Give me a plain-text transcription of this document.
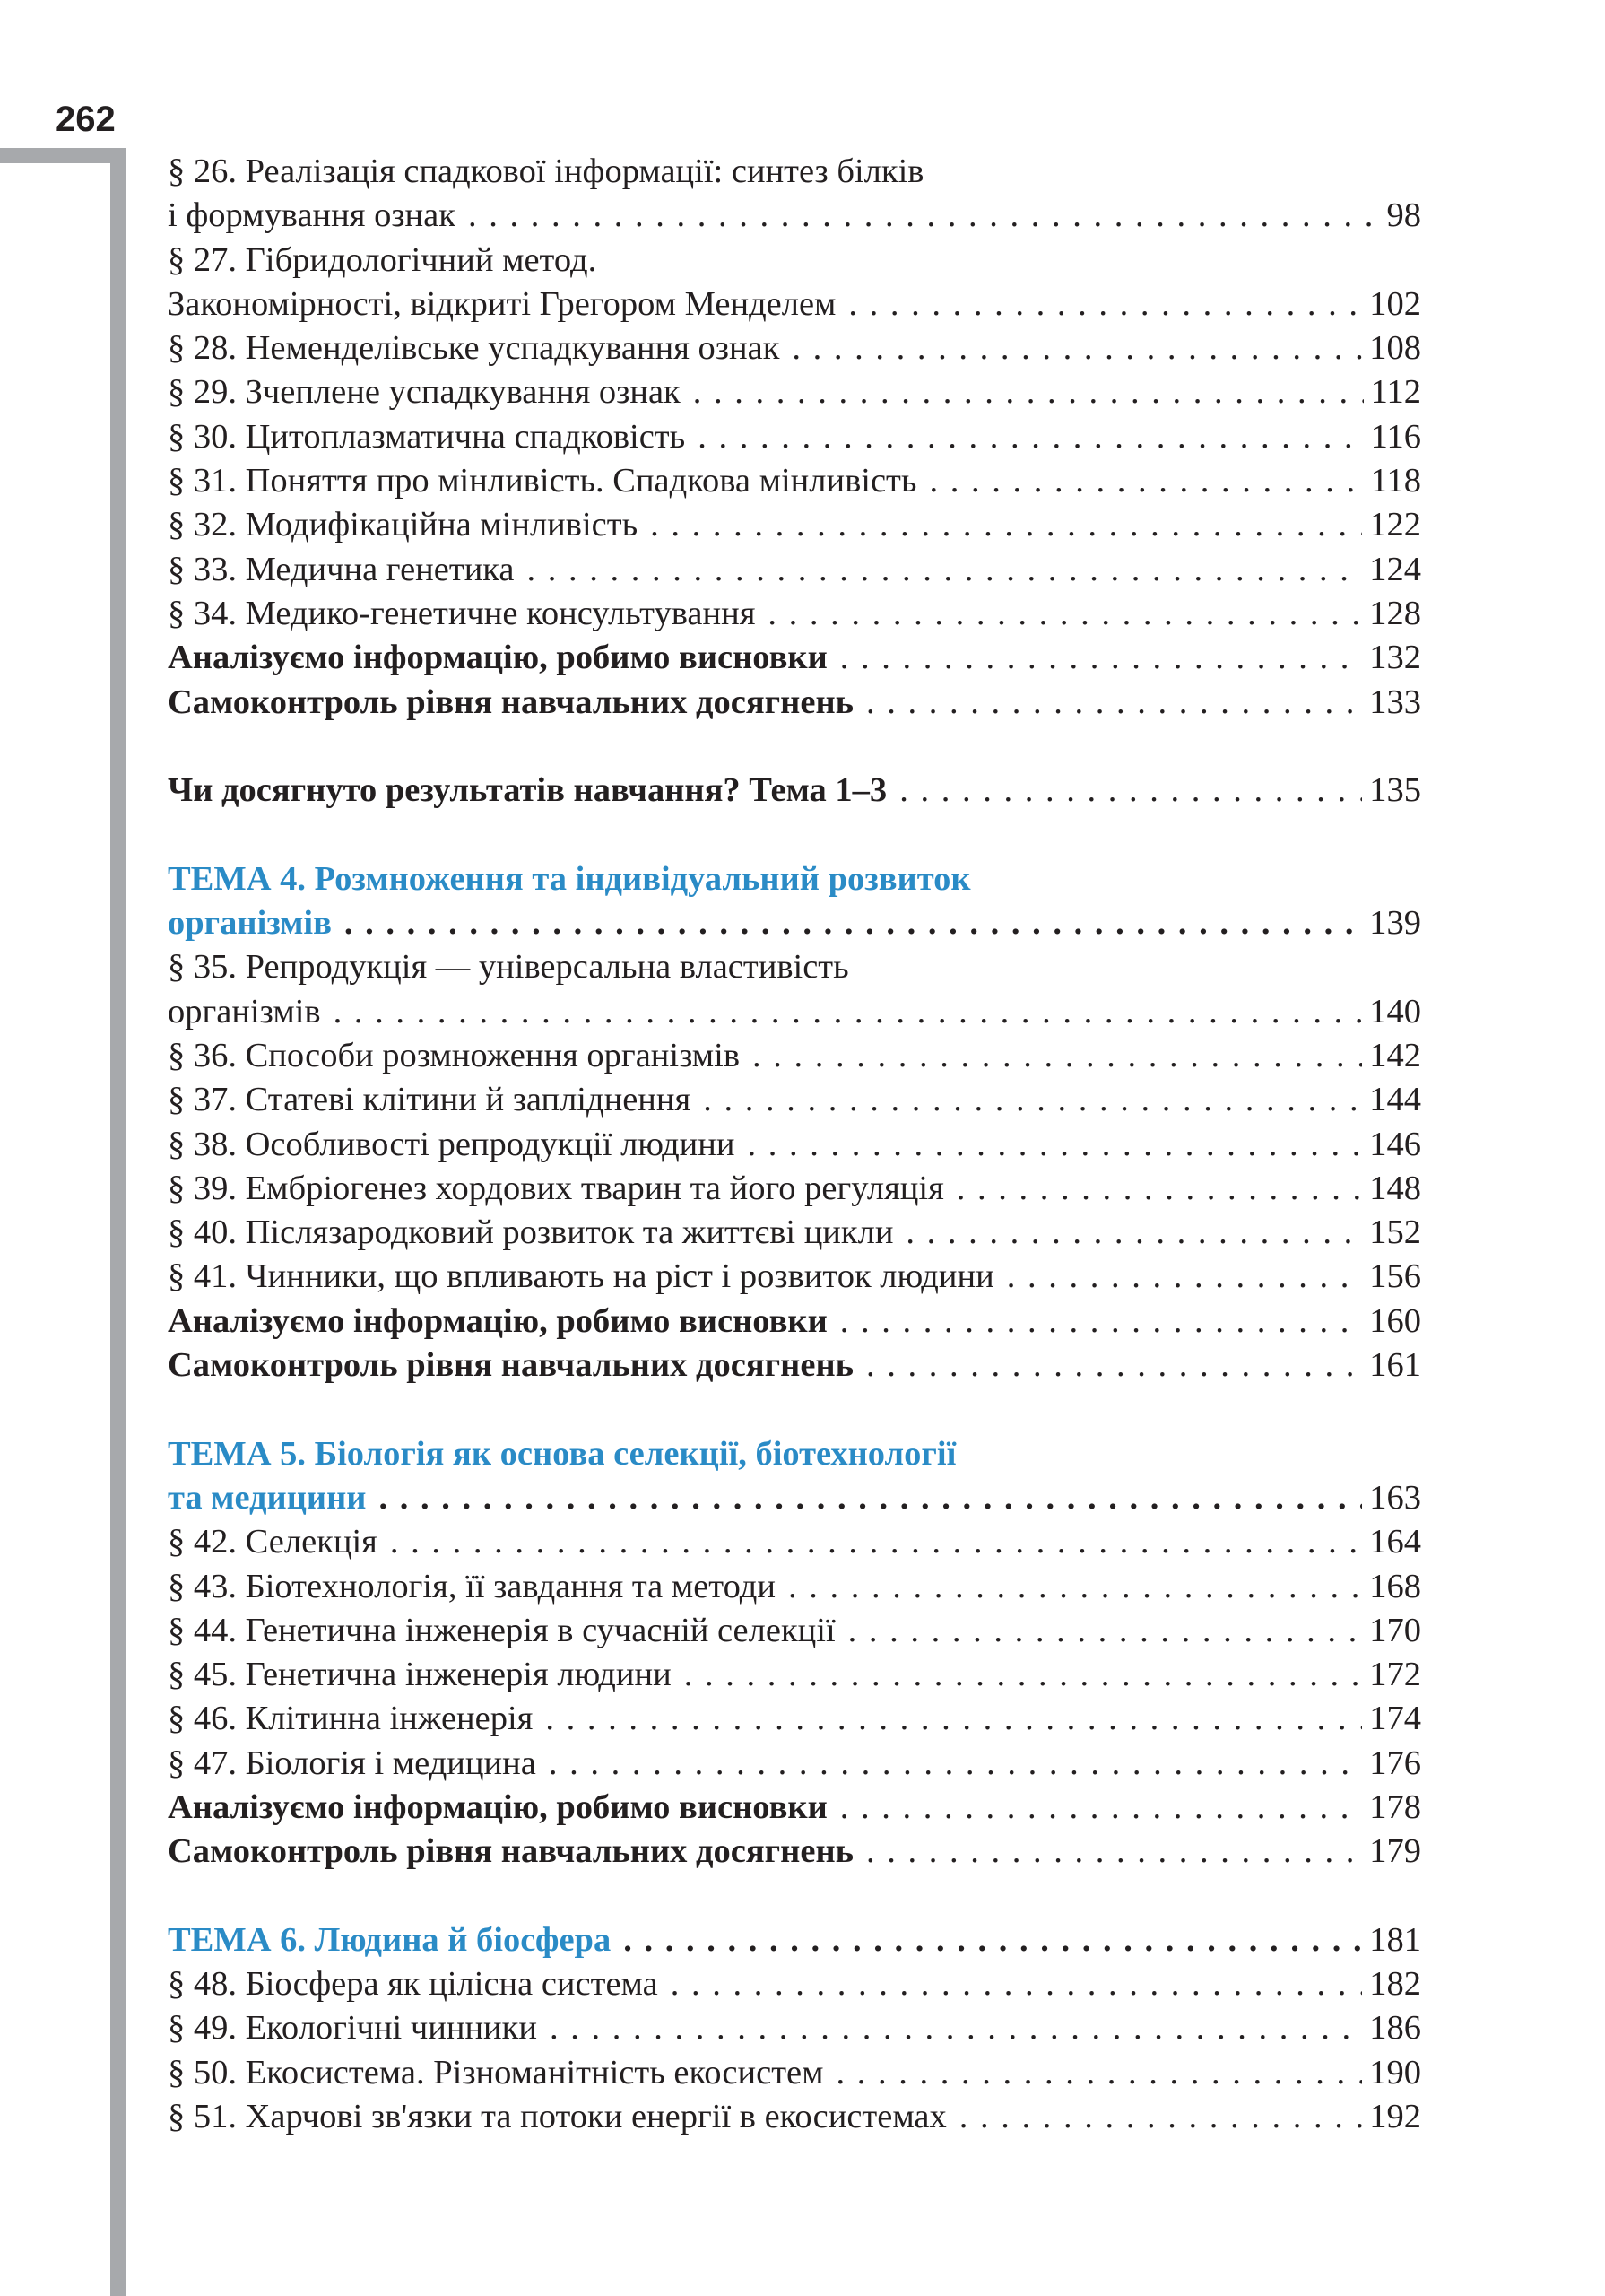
262
§ 26. Реалізація спадкової інформації: синтез білків
і формування ознак . . .	98
§ 27. Гібридологічний метод.
Закономірності, відкриті Грегором Менделем . . .	102
§ 28. Неменделівське успадкування ознак . . .	108
§ 29. Зчеплене успадкування ознак . . .	112
§ 30. Цитоплазматична спадковість . . .	116
§ 31. Поняття про мінливість. Спадкова мінливість . . .	118
§ 32. Модифікаційна мінливість . . .	122
§ 33. Медична генетика . . .	124
§ 34. Медико-генетичне консультування . . .	128
Аналізуємо інформацію, робимо висновки . . .	132
Самоконтроль рівня навчальних досягнень . . .	133
Чи досягнуто результатів навчання? Тема 1–3 . . .	135
ТЕМА 4. Розмноження та індивідуальний розвиток
організмів . . .	139
§ 35. Репродукція — універсальна властивість
організмів . . .	140
§ 36. Способи розмноження організмів . . .	142
§ 37. Статеві клітини й запліднення . . .	144
§ 38. Особливості репродукції людини . . .	146
§ 39. Ембріогенез хордових тварин та його регуляція . . .	148
§ 40. Післязародковий розвиток та життєві цикли . . .	152
§ 41. Чинники, що впливають на ріст і розвиток людини . . .	156
Аналізуємо інформацію, робимо висновки . . .	160
Самоконтроль рівня навчальних досягнень . . .	161
ТЕМА 5. Біологія як основа селекції, біотехнології
та медицини . . .	163
§ 42. Селекція . . .	164
§ 43. Біотехнологія, її завдання та методи . . .	168
§ 44. Генетична інженерія в сучасній селекції . . .	170
§ 45. Генетична інженерія людини . . .	172
§ 46. Клітинна інженерія . . .	174
§ 47. Біологія і медицина . . .	176
Аналізуємо інформацію, робимо висновки . . .	178
Самоконтроль рівня навчальних досягнень . . .	179
ТЕМА 6. Людина й біосфера . . .	181
§ 48. Біосфера як цілісна система . . .	182
§ 49. Екологічні чинники . . .	186
§ 50. Екосистема. Різноманітність екосистем . . .	190
§ 51. Харчові зв'язки та потоки енергії в екосистемах . . .	192
